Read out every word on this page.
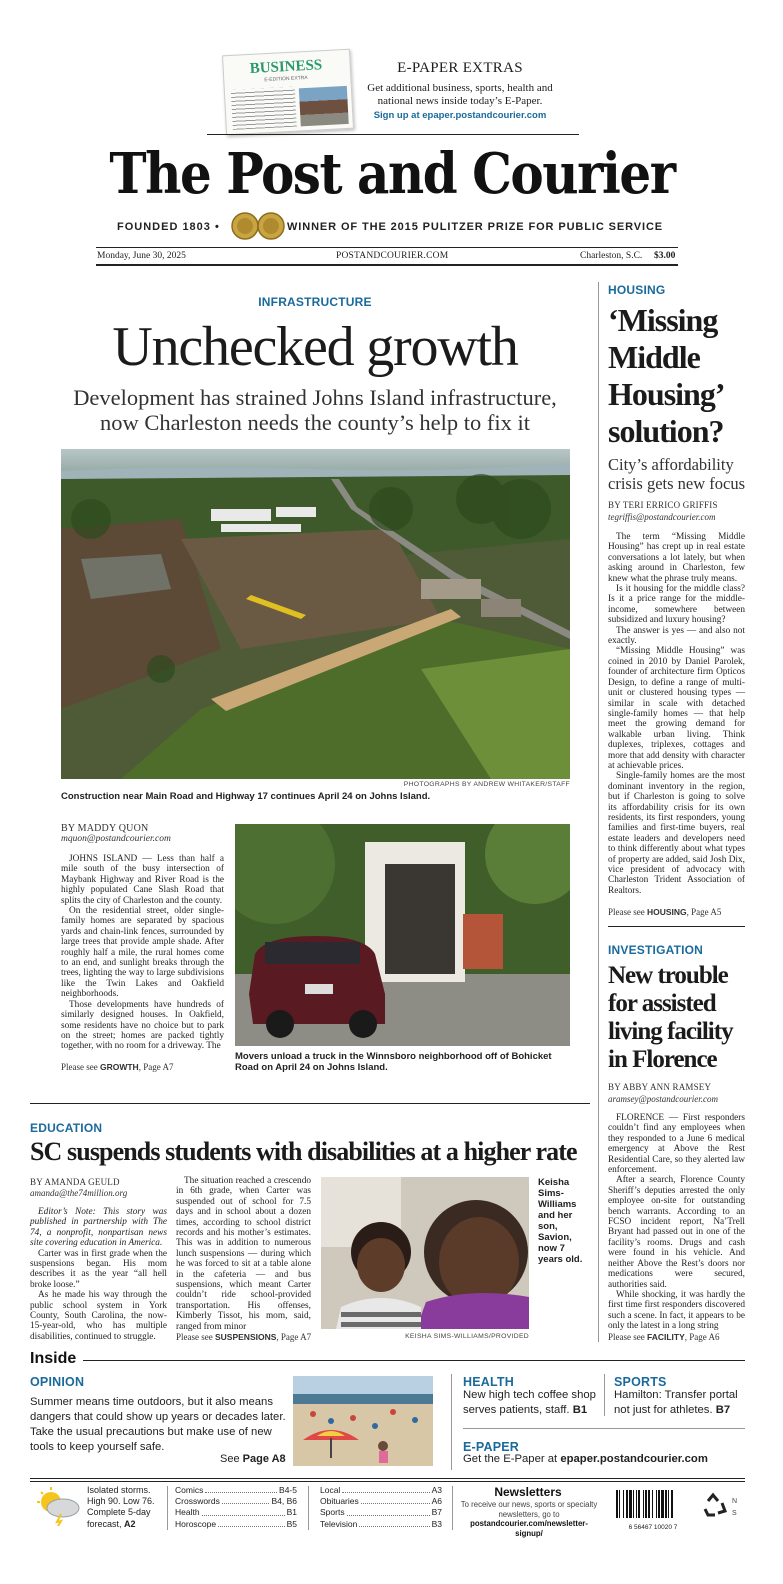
BUSINESS
E-EDITION EXTRA
E-PAPER EXTRAS
Get additional business, sports, health and national news inside today’s E-Paper.
Sign up at epaper.postandcourier.com
The Post and Courier
FOUNDED 1803 •	WINNER OF THE 2015 PULITZER PRIZE FOR PUBLIC SERVICE
Monday, June 30, 2025	POSTANDCOURIER.COM	Charleston, S.C. $3.00
INFRASTRUCTURE
Unchecked growth
Development has strained Johns Island infrastructure, now Charleston needs the county’s help to fix it
PHOTOGRAPHS BY ANDREW WHITAKER/STAFF
Construction near Main Road and Highway 17 continues April 24 on Johns Island.
BY MADDY QUON
mquon@postandcourier.com

JOHNS ISLAND — Less than half a mile south of the busy intersection of Maybank Highway and River Road is the highly populated Cane Slash Road that splits the city of Charleston and the county.

On the residential street, older single-family homes are separated by spacious yards and chain-link fences, surrounded by large trees that provide ample shade. After roughly half a mile, the rural homes come to an end, and sunlight breaks through the trees, lighting the way to large subdivisions like the Twin Lakes and Oakfield neighborhoods.

Those developments have hundreds of similarly designed houses. In Oakfield, some residents have no choice but to park on the street; homes are packed tightly together, with no room for a driveway. The

Please see GROWTH, Page A7
Movers unload a truck in the Winnsboro neighborhood off of Bohicket Road on April 24 on Johns Island.
HOUSING
‘Missing Middle Housing’ solution?
City’s affordability crisis gets new focus
BY TERI ERRICO GRIFFIS
tegriffis@postandcourier.com

The term “Missing Middle Housing” has crept up in real estate conversations a lot lately, but when asking around in Charleston, few knew what the phrase truly means.

Is it housing for the middle class? Is it a price range for the middle-income, somewhere between subsidized and luxury housing?

The answer is yes — and also not exactly.

“Missing Middle Housing” was coined in 2010 by Daniel Parolek, founder of architecture firm Opticos Design, to define a range of multi-unit or clustered housing types — similar in scale with detached single-family homes — that help meet the growing demand for walkable urban living. Think duplexes, triplexes, cottages and more that add density with character at achievable prices.

Single-family homes are the most dominant inventory in the region, but if Charleston is going to solve its affordability crisis for its own residents, its first responders, young families and first-time buyers, real estate leaders and developers need to think differently about what types of property are added, said Josh Dix, vice president of advocacy with Charleston Trident Association of Realtors.

Please see HOUSING, Page A5
INVESTIGATION
New trouble for assisted living facility in Florence
BY ABBY ANN RAMSEY
aramsey@postandcourier.com

FLORENCE — First responders couldn’t find any employees when they responded to a June 6 medical emergency at Above the Rest Residential Care, so they alerted law enforcement.

After a search, Florence County Sheriff’s deputies arrested the only employee on-site for outstanding bench warrants. According to an FCSO incident report, Na’Trell Bryant had passed out in one of the facility’s rooms. Drugs and cash were found in his vehicle. And neither Above the Rest’s doors nor medications were secured, authorities said.

While shocking, it was hardly the first time first responders discovered such a scene. In fact, it appears to be only the latest in a long string

Please see FACILITY, Page A6
EDUCATION
SC suspends students with disabilities at a higher rate
BY AMANDA GEULD
amanda@the74million.org

Editor’s Note: This story was published in partnership with The 74, a nonprofit, nonpartisan news site covering education in America.

Carter was in first grade when the suspensions began. His mom describes it as the year “all hell broke loose.”

As he made his way through the public school system in York County, South Carolina, the now-15-year-old, who has multiple disabilities, continued to struggle.

The situation reached a crescendo in 6th grade, when Carter was suspended out of school for 7.5 days and in school about a dozen times, according to school district records and his mother’s estimates. This was in addition to numerous lunch suspensions — during which he was forced to sit at a table alone in the cafeteria — and bus suspensions, which meant Carter couldn’t ride school-provided transportation. His offenses, Kimberly Tissot, his mom, said, ranged from minor

Please see SUSPENSIONS, Page A7	KEISHA SIMS-WILLIAMS/PROVIDED
Keisha Sims-Williams and her son, Savion, now 7 years old.
Inside
OPINION
Summer means time outdoors, but it also means dangers that could show up years or decades later. Take the usual precautions but make use of new tools to keep yourself safe.
See Page A8
HEALTH
New high tech coffee shop serves patients, staff. B1
SPORTS
Hamilton: Transfer portal not just for athletes. B7
E-PAPER
Get the E-Paper at epaper.postandcourier.com
Isolated storms.
High 90. Low 76.
Complete 5-day
forecast, A2
Comics	B4-5
Crosswords	B4, B6
Health	B1
Horoscope	B5
Local	A3
Obituaries	A6
Sports	B7
Television	B3
Newsletters
To receive our news, sports or specialty newsletters, go to postandcourier.com/newsletter-signup/
6 56467 10020 7
N S
